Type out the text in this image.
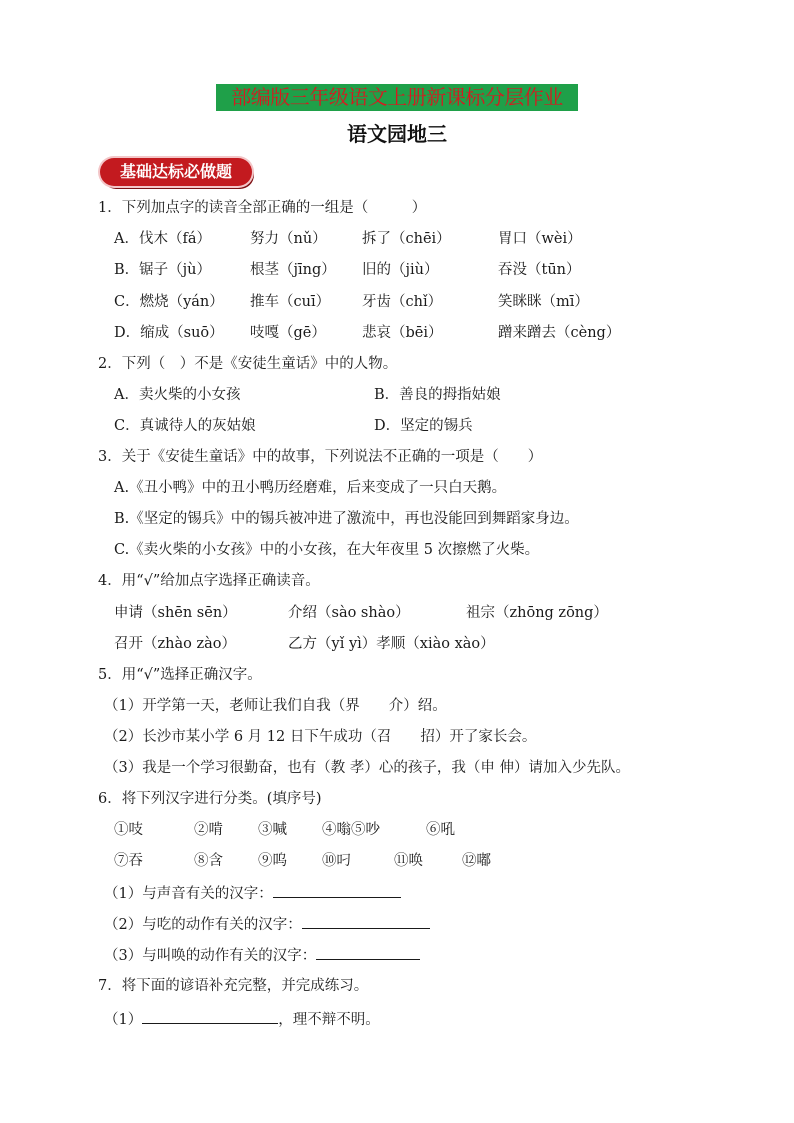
部编版三年级语文上册新课标分层作业
语文园地三
基础达标必做题
1．下列加点字的读音全部正确的一组是（　　　）
A．伐木（fá）	努力（nǔ） 拆了（chēi）	胃口（wèi）
B．锯子（jù）	根茎（jīng） 旧的（jiù）	吞没（tūn）
C．燃烧（yán） 推车（cuī） 牙齿（chǐ）	笑眯眯（mī）
D．缩成（suō） 吱嘎（gē） 悲哀（bēi）	蹭来蹭去（cèng）
2．下列（　）不是《安徒生童话》中的人物。
A．卖火柴的小女孩	B．善良的拇指姑娘
C．真诚待人的灰姑娘	D．坚定的锡兵
3．关于《安徒生童话》中的故事，下列说法不正确的一项是（　　）
A.《丑小鸭》中的丑小鸭历经磨难，后来变成了一只白天鹅。
B.《坚定的锡兵》中的锡兵被冲进了激流中，再也没能回到舞蹈家身边。
C.《卖火柴的小女孩》中的小女孩，在大年夜里 5 次擦燃了火柴。
4．用“√”给加点字选择正确读音。
申请（shēn sēn）	介绍（sào shào）	祖宗（zhōng zōng）
召开（zhào zào）	乙方（yǐ yì）孝顺（xiào xào）
5．用“√”选择正确汉字。
（1）开学第一天，老师让我们自我（界　　介）绍。
（2）长沙市某小学 6 月 12 日下午成功（召　　招）开了家长会。
（3）我是一个学习很勤奋，也有（教 孝）心的孩子，我（申 伸）请加入少先队。
6．将下列汉字进行分类。(填序号)
①吱	②啃 ③喊 ④嗡⑤吵	⑥吼
⑦吞	⑧含 ⑨呜 ⑩叼	⑪唤	⑫嘟
（1）与声音有关的汉字：
（2）与吃的动作有关的汉字：
（3）与叫唤的动作有关的汉字：
7．将下面的谚语补充完整，并完成练习。
（1）	，理不辩不明。
